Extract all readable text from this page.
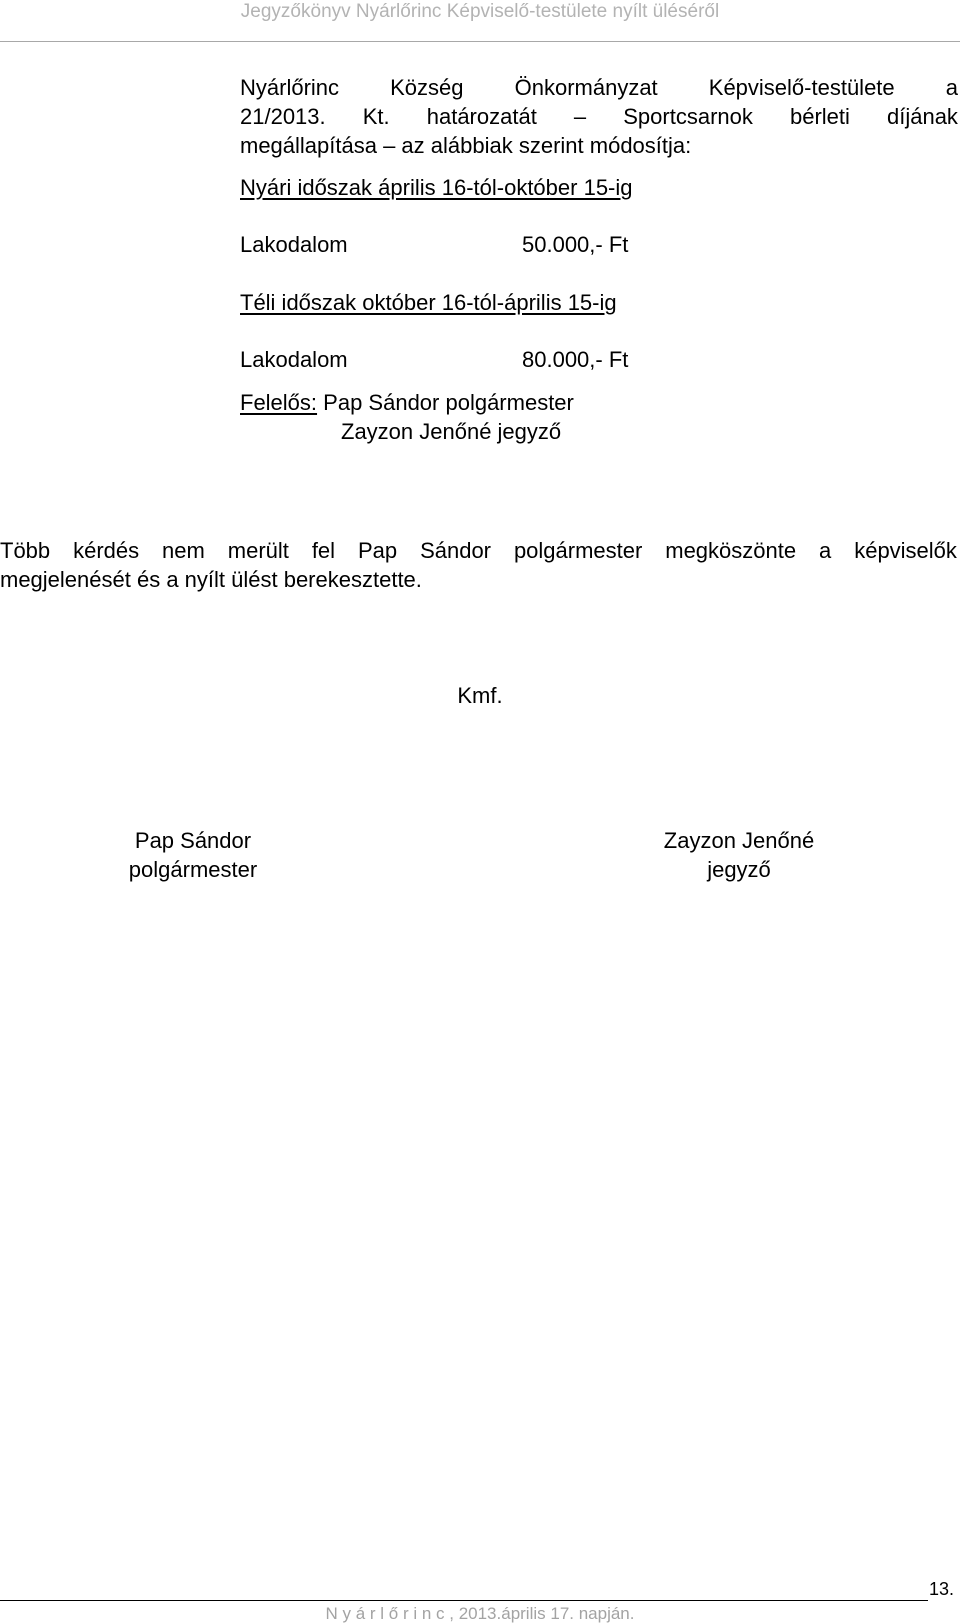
Jegyzőkönyv Nyárlőrinc Képviselő-testülete nyílt üléséről
Nyárlőrinc Község Önkormányzat Képviselő-testülete a
21/2013. Kt. határozatát – Sportcsarnok bérleti díjának
megállapítása – az alábbiak szerint módosítja:
Nyári időszak április 16-tól-október 15-ig
Lakodalom	50.000,- Ft
Téli időszak október 16-tól-április 15-ig
Lakodalom	80.000,- Ft
Felelős: Pap Sándor polgármester
Zayzon Jenőné jegyző
Több kérdés nem merült fel Pap Sándor polgármester megköszönte a képviselők
megjelenését és a nyílt ülést berekesztette.
Kmf.
Pap Sándor
polgármester
Zayzon Jenőné
jegyző
13.
N y á r l ő r i n c , 2013.április 17. napján.
